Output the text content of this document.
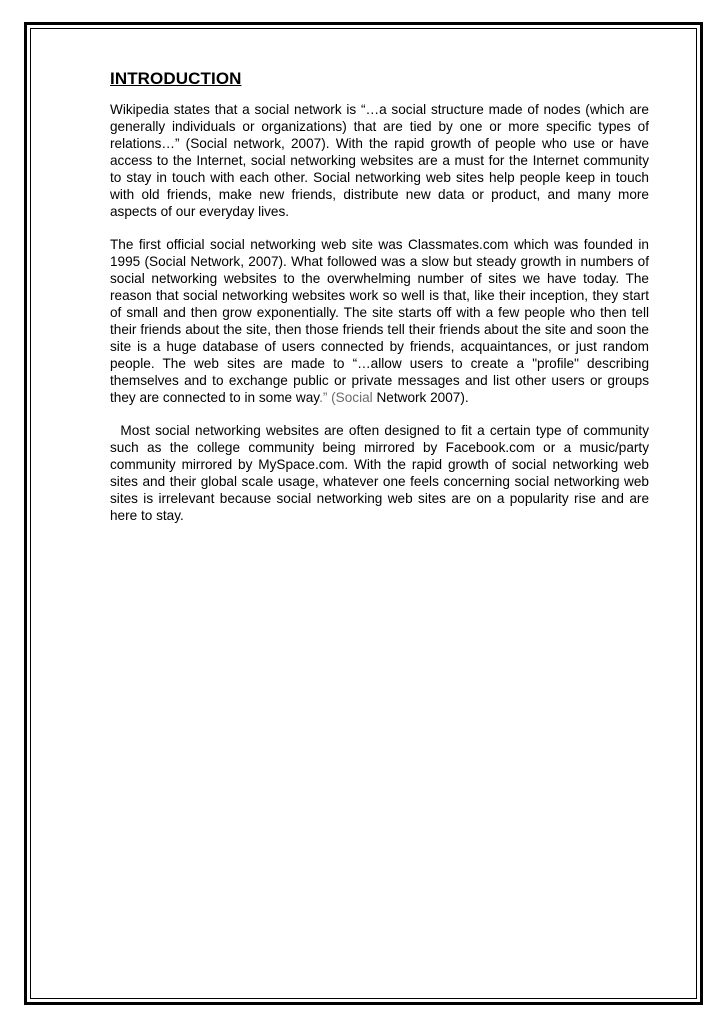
INTRODUCTION

Wikipedia states that a social network is “…a social structure made of nodes (which are generally individuals or organizations) that are tied by one or more specific types of relations…” (Social network, 2007). With the rapid growth of people who use or have access to the Internet, social networking websites are a must for the Internet community to stay in touch with each other. Social networking web sites help people keep in touch with old friends, make new friends, distribute new data or product, and many more aspects of our everyday lives.

The first official social networking web site was Classmates.com which was founded in 1995 (Social Network, 2007). What followed was a slow but steady growth in numbers of social networking websites to the overwhelming number of sites we have today. The reason that social networking websites work so well is that, like their inception, they start of small and then grow exponentially. The site starts off with a few people who then tell their friends about the site, then those friends tell their friends about the site and soon the site is a huge database of users connected by friends, acquaintances, or just random people. The web sites are made to “…allow users to create a "profile" describing themselves and to exchange public or private messages and list other users or groups they are connected to in some way.” (Social Network 2007).

Most social networking websites are often designed to fit a certain type of community such as the college community being mirrored by Facebook.com or a music/party community mirrored by MySpace.com. With the rapid growth of social networking web sites and their global scale usage, whatever one feels concerning social networking web sites is irrelevant because social networking web sites are on a popularity rise and are here to stay.
